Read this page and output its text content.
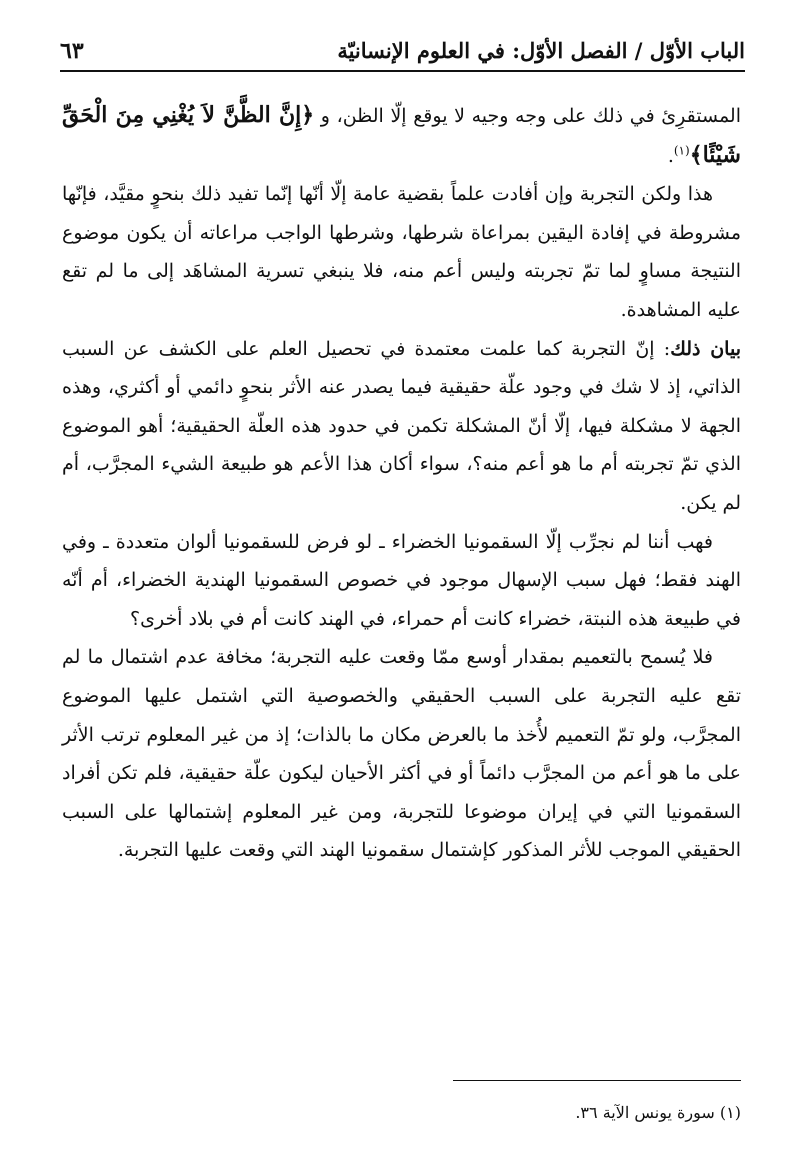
الباب الأوّل / الفصل الأوّل: في العلوم الإنسانيّة
٦٣

المستقرِئ في ذلك على وجه وجيه لا يوقع إلّا الظن، و ﴿إِنَّ الظَّنَّ لاَ يُغْنِي مِنَ الْحَقِّ شَيْئًا﴾$^{(١)}$.

هذا ولكن التجربة وإن أفادت علماً بقضية عامة إلّا أنّها إنّما تفيد ذلك بنحوٍ مقيَّد، فإنّها مشروطة في إفادة اليقين بمراعاة شرطها، وشرطها الواجب مراعاته أن يكون موضوع النتيجة مساوٍ لما تمّ تجربته وليس أعم منه، فلا ينبغي تسرية المشاهَد إلى ما لم تقع عليه المشاهدة.

بيان ذلك: إنّ التجربة كما علمت معتمدة في تحصيل العلم على الكشف عن السبب الذاتي، إذ لا شك في وجود علّة حقيقية فيما يصدر عنه الأثر بنحوٍ دائمي أو أكثري، وهذه الجهة لا مشكلة فيها، إلّا أنّ المشكلة تكمن في حدود هذه العلّة الحقيقية؛ أهو الموضوع الذي تمّ تجربته أم ما هو أعم منه؟، سواء أكان هذا الأعم هو طبيعة الشيء المجرَّب، أم لم يكن.

فهب أننا لم نجرِّب إلّا السقمونيا الخضراء ـ لو فرض للسقمونيا ألوان متعددة ـ وفي الهند فقط؛ فهل سبب الإسهال موجود في خصوص السقمونيا الهندية الخضراء، أم أنّه في طبيعة هذه النبتة، خضراء كانت أم حمراء، في الهند كانت أم في بلاد أخرى؟

فلا يُسمح بالتعميم بمقدار أوسع ممّا وقعت عليه التجربة؛ مخافة عدم اشتمال ما لم تقع عليه التجربة على السبب الحقيقي والخصوصية التي اشتمل عليها الموضوع المجرَّب، ولو تمّ التعميم لأُخذ ما بالعرض مكان ما بالذات؛ إذ من غير المعلوم ترتب الأثر على ما هو أعم من المجرَّب دائماً أو في أكثر الأحيان ليكون علّة حقيقية، فلم تكن أفراد السقمونيا التي في إيران موضوعا للتجربة، ومن غير المعلوم إشتمالها على السبب الحقيقي الموجب للأثر المذكور كإشتمال سقمونيا الهند التي وقعت عليها التجربة.

(١) سورة يونس الآية ٣٦.
